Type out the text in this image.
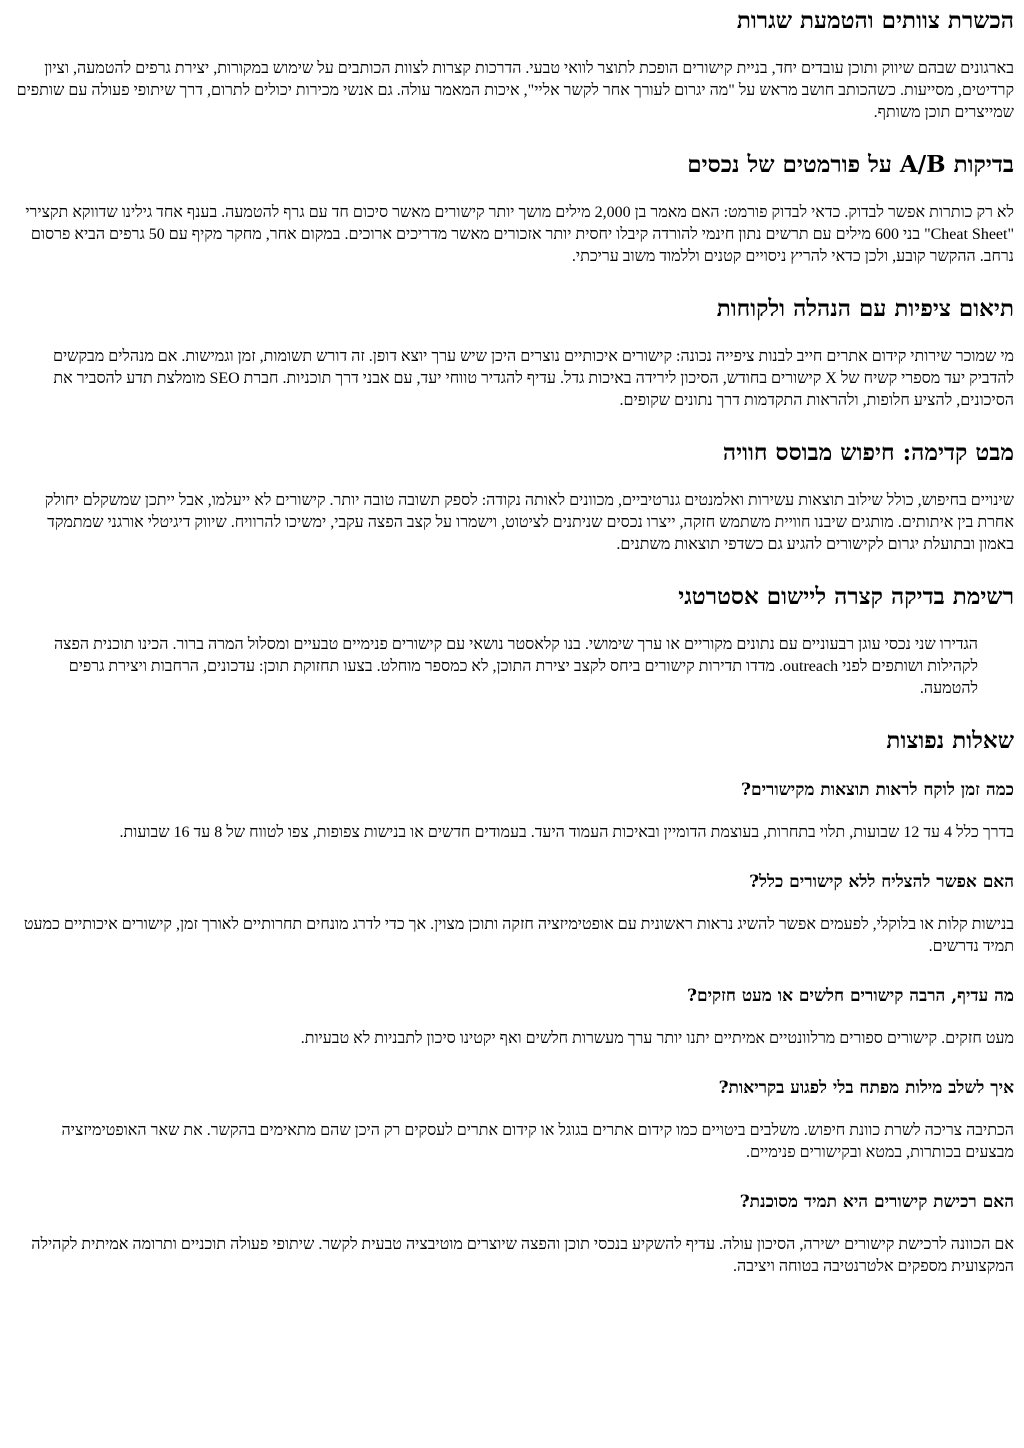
הכשרת צוותים והטמעת שגרות

בארגונים שבהם שיווק ותוכן עובדים יחד, בניית קישורים הופכת לתוצר לוואי טבעי. הדרכות קצרות לצוות הכותבים על שימוש במקורות, יצירת גרפים להטמעה, וציון קרדיטים, מסייעות. כשהכותב חושב מראש על "מה יגרום לעורך אחר לקשר אליי", איכות המאמר עולה. גם אנשי מכירות יכולים לתרום, דרך שיתופי פעולה עם שותפים שמייצרים תוכן משותף.

בדיקות A/B על פורמטים של נכסים

לא רק כותרות אפשר לבדוק. כדאי לבדוק פורמט: האם מאמר בן 2,000 מילים מושך יותר קישורים מאשר סיכום חד עם גרף להטמעה. בענף אחד גילינו שדווקא תקצירי "Cheat Sheet" בני 600 מילים עם תרשים נתון חינמי להורדה קיבלו יחסית יותר אזכורים מאשר מדריכים ארוכים. במקום אחר, מחקר מקיף עם 50 גרפים הביא פרסום נרחב. ההקשר קובע, ולכן כדאי להריץ ניסויים קטנים וללמוד משוב עריכתי.

תיאום ציפיות עם הנהלה ולקוחות

מי שמוכר שירותי קידום אתרים חייב לבנות ציפייה נכונה: קישורים איכותיים נוצרים היכן שיש ערך יוצא דופן. זה דורש תשומות, זמן וגמישות. אם מנהלים מבקשים להדביק יעד מספרי קשיח של X קישורים בחודש, הסיכון לירידה באיכות גדל. עדיף להגדיר טווחי יעד, עם אבני דרך תוכניות. חברת SEO מומלצת תדע להסביר את הסיכונים, להציע חלופות, ולהראות התקדמות דרך נתונים שקופים.

מבט קדימה: חיפוש מבוסס חוויה

שינויים בחיפוש, כולל שילוב תוצאות עשירות ואלמנטים גנרטיביים, מכוונים לאותה נקודה: לספק תשובה טובה יותר. קישורים לא ייעלמו, אבל ייתכן שמשקלם יחולק אחרת בין איתותים. מותגים שיבנו חוויית משתמש חזקה, ייצרו נכסים שניתנים לציטוט, וישמרו על קצב הפצה עקבי, ימשיכו להרוויח. שיווק דיגיטלי אורגני שמתמקד באמון ובתועלת יגרום לקישורים להגיע גם כשדפי תוצאות משתנים.

רשימת בדיקה קצרה ליישום אסטרטגי

הגדירו שני נכסי עוגן רבעוניים עם נתונים מקוריים או ערך שימושי. בנו קלאסטר נושאי עם קישורים פנימיים טבעיים ומסלול המרה ברור. הכינו תוכנית הפצה לקהילות ושותפים לפני outreach. מדדו תדירות קישורים ביחס לקצב יצירת התוכן, לא כמספר מוחלט. בצעו תחזוקת תוכן: עדכונים, הרחבות ויצירת גרפים להטמעה.

שאלות נפוצות
כמה זמן לוקח לראות תוצאות מקישורים?

בדרך כלל 4 עד 12 שבועות, תלוי בתחרות, בעוצמת הדומיין ובאיכות העמוד היעד. בעמודים חדשים או בנישות צפופות, צפו לטווח של 8 עד 16 שבועות.

האם אפשר להצליח ללא קישורים כלל?

בנישות קלות או בלוקלי, לפעמים אפשר להשיג נראות ראשונית עם אופטימיזציה חזקה ותוכן מצוין. אך כדי לדרג מונחים תחרותיים לאורך זמן, קישורים איכותיים כמעט תמיד נדרשים.

מה עדיף, הרבה קישורים חלשים או מעט חזקים?

מעט חזקים. קישורים ספורים מרלוונטיים אמיתיים יתנו יותר ערך מעשרות חלשים ואף יקטינו סיכון לתבניות לא טבעיות.

איך לשלב מילות מפתח בלי לפגוע בקריאות?

הכתיבה צריכה לשרת כוונת חיפוש. משלבים ביטויים כמו קידום אתרים בגוגל או קידום אתרים לעסקים רק היכן שהם מתאימים בהקשר. את שאר האופטימיזציה מבצעים בכותרות, במטא ובקישורים פנימיים.

האם רכישת קישורים היא תמיד מסוכנת?

אם הכוונה לרכישת קישורים ישירה, הסיכון עולה. עדיף להשקיע בנכסי תוכן והפצה שיוצרים מוטיבציה טבעית לקשר. שיתופי פעולה תוכניים ותרומה אמיתית לקהילה המקצועית מספקים אלטרנטיבה בטוחה ויציבה.
